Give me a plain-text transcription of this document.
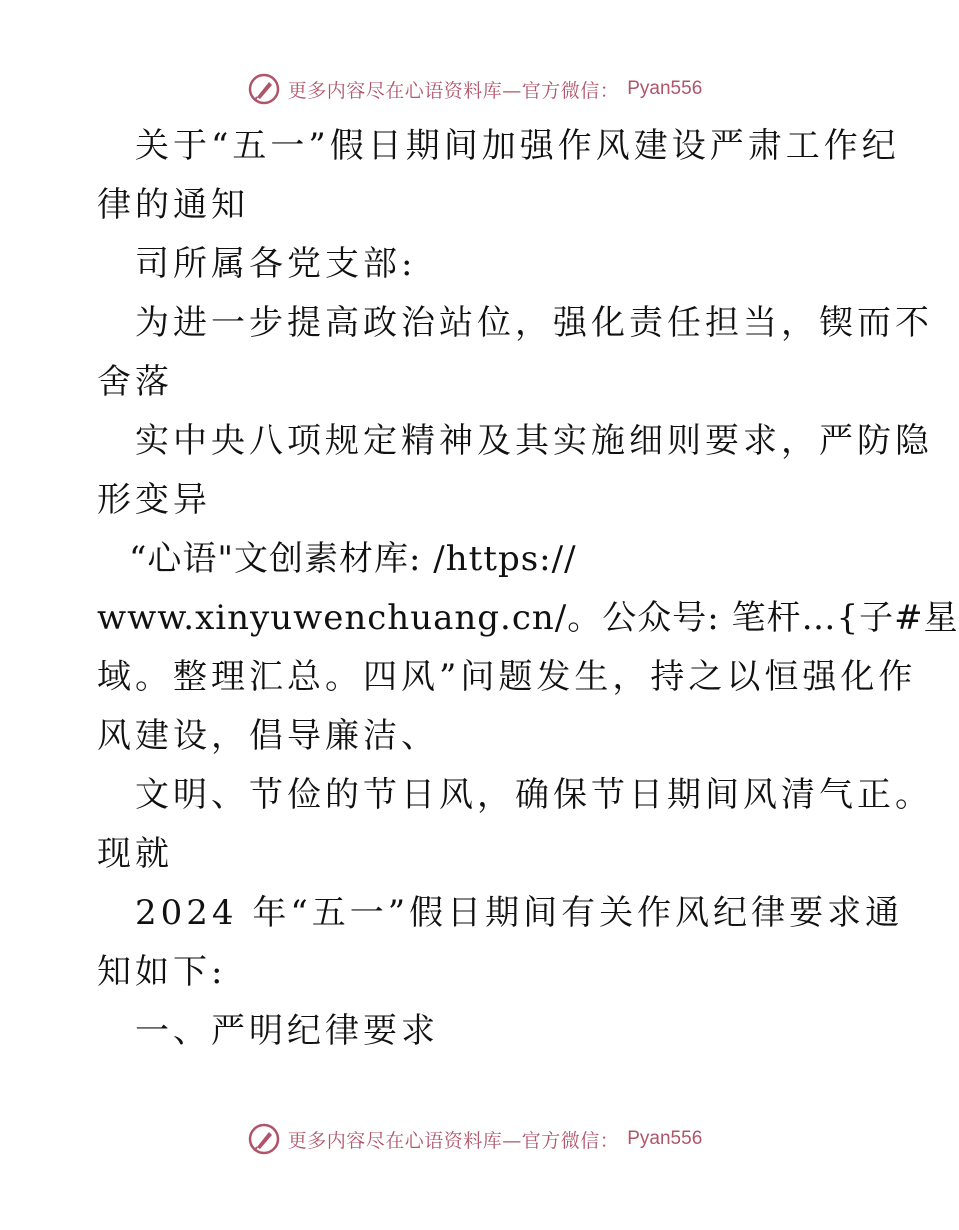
更多内容尽在心语资料库—官方微信： Pyan556
关于“五一”假日期间加强作风建设严肃工作纪
律的通知
司所属各党支部:
为进一步提高政治站位，强化责任担当，锲而不
舍落
实中央八项规定精神及其实施细则要求，严防隐
形变异
“心语"文创素材库: /https://
www.xinyuwenchuang.cn/。公众号: 笔杆…{子#星
域。整理汇总。四风”问题发生，持之以恒强化作
风建设，倡导廉洁、
文明、节俭的节日风，确保节日期间风清气正。
现就
2024 年“五一”假日期间有关作风纪律要求通
知如下:
一、严明纪律要求
更多内容尽在心语资料库—官方微信： Pyan556
